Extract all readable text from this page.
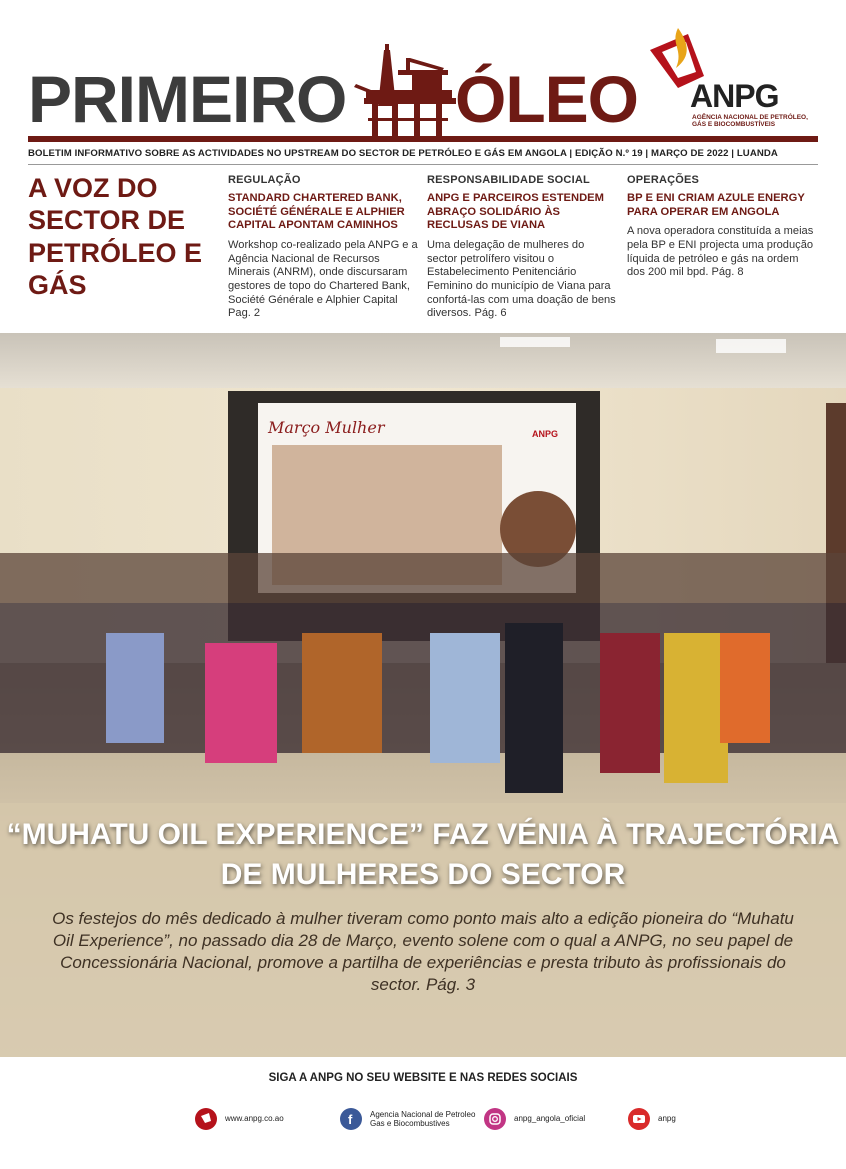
PRIMEIRO ÓLEO ANPG
AGÊNCIA NACIONAL DE PETRÓLEO, GÁS E BIOCOMBUSTÍVEIS
BOLETIM INFORMATIVO SOBRE AS ACTIVIDADES NO UPSTREAM DO SECTOR DE PETRÓLEO E GÁS EM ANGOLA | EDIÇÃO N.º 19 | MARÇO DE 2022 | LUANDA
A VOZ DO SECTOR DE PETRÓLEO E GÁS
REGULAÇÃO
STANDARD CHARTERED BANK, SOCIÉTÉ GÉNÉRALE E ALPHIER CAPITAL APONTAM CAMINHOS
Workshop co-realizado pela ANPG e a Agência Nacional de Recursos Minerais (ANRM), onde discursaram gestores de topo do Chartered Bank, Société Générale e Alphier Capital Pag. 2
RESPONSABILIDADE SOCIAL
ANPG E PARCEIROS ESTENDEM ABRAÇO SOLIDÁRIO ÀS RECLUSAS DE VIANA
Uma delegação de mulheres do sector petrolífero visitou o Estabelecimento Penitenciário Feminino do município de Viana para confortá-las com uma doação de bens diversos. Pág. 6
OPERAÇÕES
BP E ENI CRIAM AZULE ENERGY PARA OPERAR EM ANGOLA
A nova operadora constituída a meias pela BP e ENI projecta uma produção líquida de petróleo e gás na ordem dos 200 mil bpd. Pág. 8
Março Mulher	ANPG
“MUHATU OIL EXPERIENCE” FAZ VÉNIA À TRAJECTÓRIA DE MULHERES DO SECTOR
Os festejos do mês dedicado à mulher tiveram como ponto mais alto a edição pioneira do “Muhatu Oil Experience”, no passado dia 28 de Março, evento solene com o qual a ANPG, no seu papel de Concessionária Nacional, promove a partilha de experiências e presta tributo às profissionais do sector. Pág. 3
SIGA A ANPG NO SEU WEBSITE E NAS REDES SOCIAIS
www.anpg.co.ao	f Agencia Nacional de Petroleo
Gas e Biocombustives
anpg_angola_oficial	anpg
